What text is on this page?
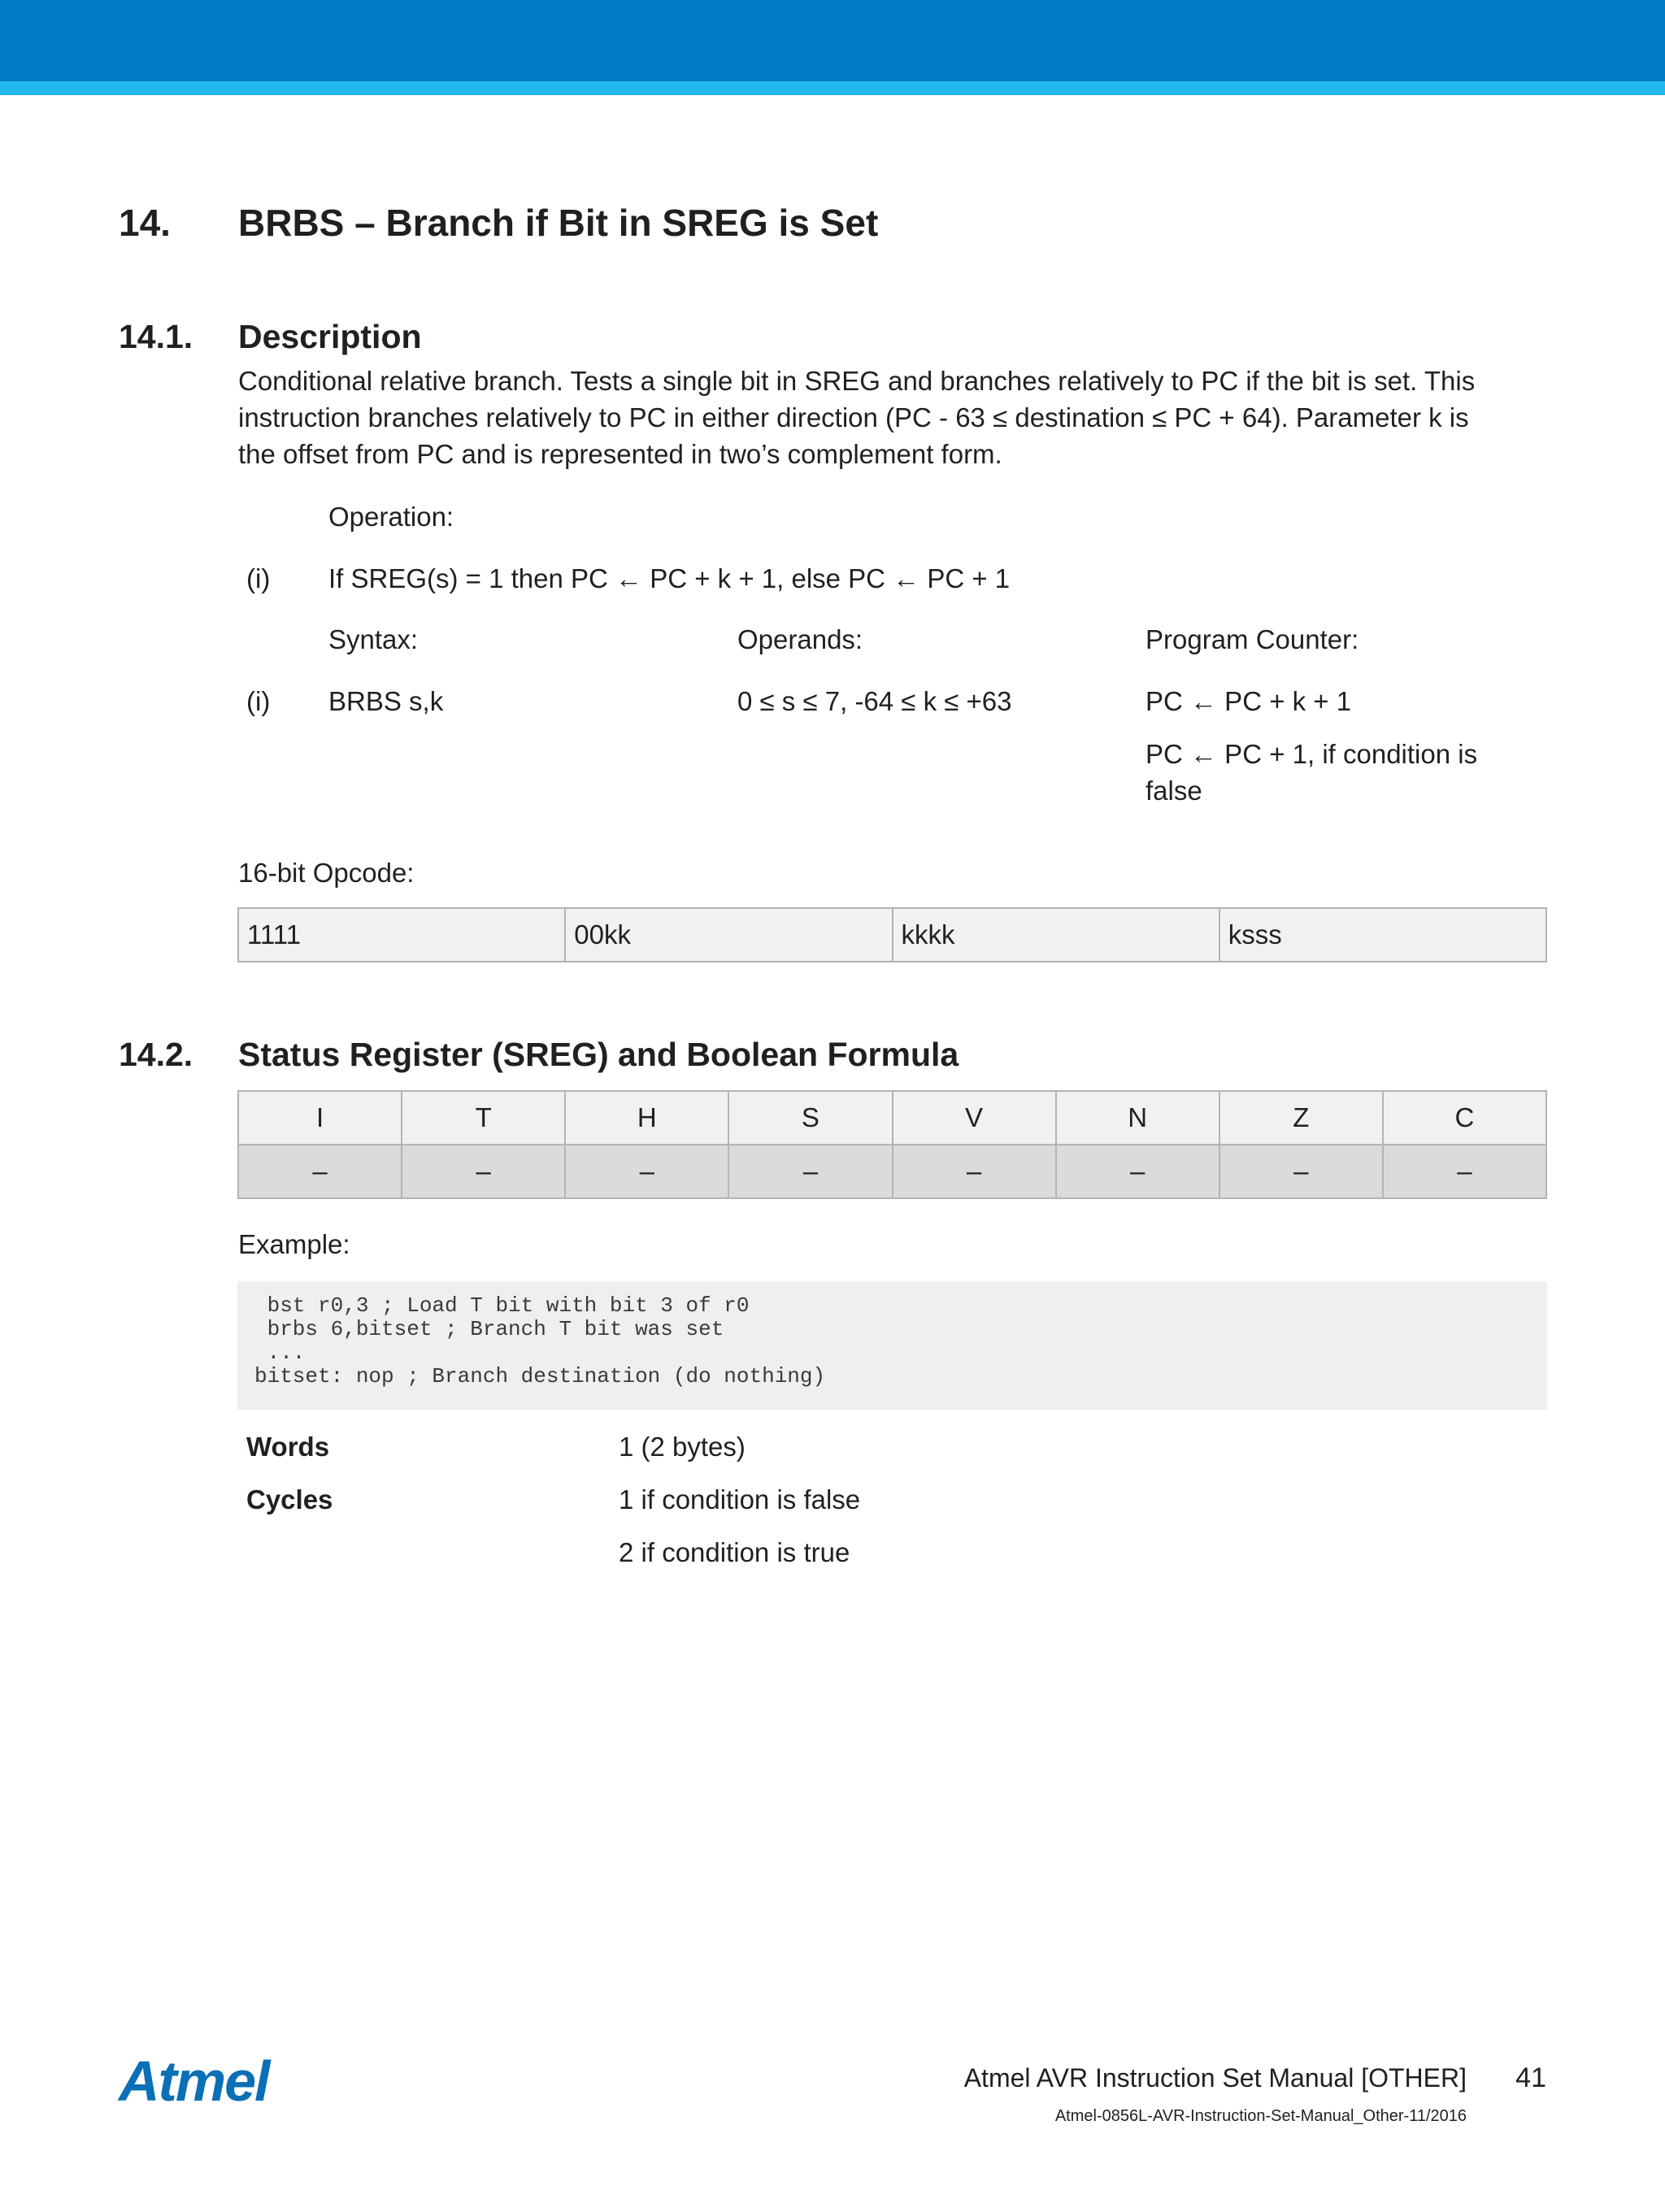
14. BRBS – Branch if Bit in SREG is Set
14.1. Description
Conditional relative branch. Tests a single bit in SREG and branches relatively to PC if the bit is set. This
instruction branches relatively to PC in either direction (PC - 63 ≤ destination ≤ PC + 64). Parameter k is
the offset from PC and is represented in two’s complement form.
Operation:
(i) If SREG(s) = 1 then PC ← PC + k + 1, else PC ← PC + 1
Syntax:	Operands:	Program Counter:
(i) BRBS s,k	0 ≤ s ≤ 7, -64 ≤ k ≤ +63	PC ← PC + k + 1
PC ← PC + 1, if condition is
false
16-bit Opcode:
1111	00kk	kkkk	ksss
14.2. Status Register (SREG) and Boolean Formula
I	T	H	S	V	N	Z	C
–	–	–	–	–	–	–	–
Example:
bst r0,3 ; Load T bit with bit 3 of r0
brbs 6,bitset ; Branch T bit was set
...
bitset: nop ; Branch destination (do nothing)
Words	1 (2 bytes)
Cycles	1 if condition is false
2 if condition is true
Atmel	Atmel AVR Instruction Set Manual [OTHER] 41
Atmel-0856L-AVR-Instruction-Set-Manual_Other-11/2016
